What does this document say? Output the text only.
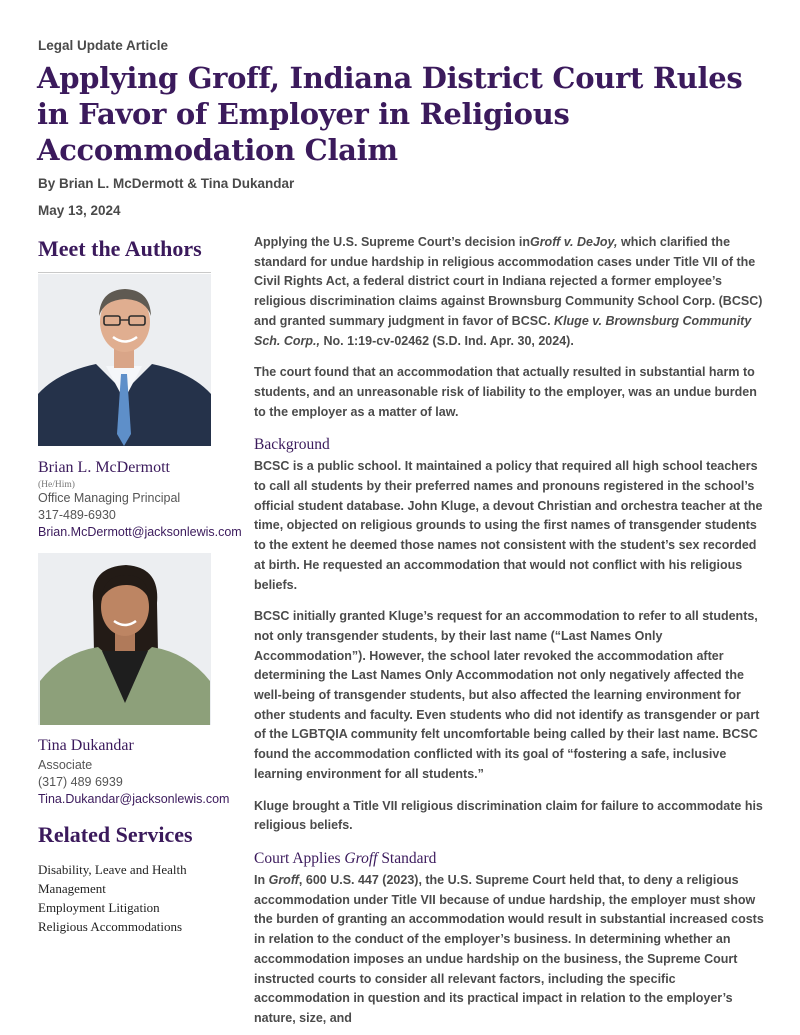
Legal Update Article
Applying Groff, Indiana District Court Rules in Favor of Employer in Religious Accommodation Claim
By Brian L. McDermott & Tina Dukandar
May 13, 2024
Meet the Authors
Brian L. McDermott
(He/Him)
Office Managing Principal
317-489-6930
Brian.McDermott@jacksonlewis.com
Tina Dukandar
Associate
(317) 489 6939
Tina.Dukandar@jacksonlewis.com
Related Services
Disability, Leave and Health Management
Employment Litigation
Religious Accommodations

Applying the U.S. Supreme Court’s decision inGroff v. DeJoy, which clarified the standard for undue hardship in religious accommodation cases under Title VII of the Civil Rights Act, a federal district court in Indiana rejected a former employee’s religious discrimination claims against Brownsburg Community School Corp. (BCSC) and granted summary judgment in favor of BCSC. Kluge v. Brownsburg Community Sch. Corp., No. 1:19-cv-02462 (S.D. Ind. Apr. 30, 2024).

The court found that an accommodation that actually resulted in substantial harm to students, and an unreasonable risk of liability to the employer, was an undue burden to the employer as a matter of law.

Background

BCSC is a public school. It maintained a policy that required all high school teachers to call all students by their preferred names and pronouns registered in the school’s official student database. John Kluge, a devout Christian and orchestra teacher at the time, objected on religious grounds to using the first names of transgender students to the extent he deemed those names not consistent with the student’s sex recorded at birth. He requested an accommodation that would not conflict with his religious beliefs.

BCSC initially granted Kluge’s request for an accommodation to refer to all students, not only transgender students, by their last name (“Last Names Only Accommodation”). However, the school later revoked the accommodation after determining the Last Names Only Accommodation not only negatively affected the well-being of transgender students, but also affected the learning environment for other students and faculty. Even students who did not identify as transgender or part of the LGBTQIA community felt uncomfortable being called by their last name. BCSC found the accommodation conflicted with its goal of “fostering a safe, inclusive learning environment for all students.”

Kluge brought a Title VII religious discrimination claim for failure to accommodate his religious beliefs.

Court Applies Groff Standard

In Groff, 600 U.S. 447 (2023), the U.S. Supreme Court held that, to deny a religious accommodation under Title VII because of undue hardship, the employer must show the burden of granting an accommodation would result in substantial increased costs in relation to the conduct of the employer’s business. In determining whether an accommodation imposes an undue hardship on the business, the Supreme Court instructed courts to consider all relevant factors, including the specific accommodation in question and its practical impact in relation to the employer’s nature, size, and
